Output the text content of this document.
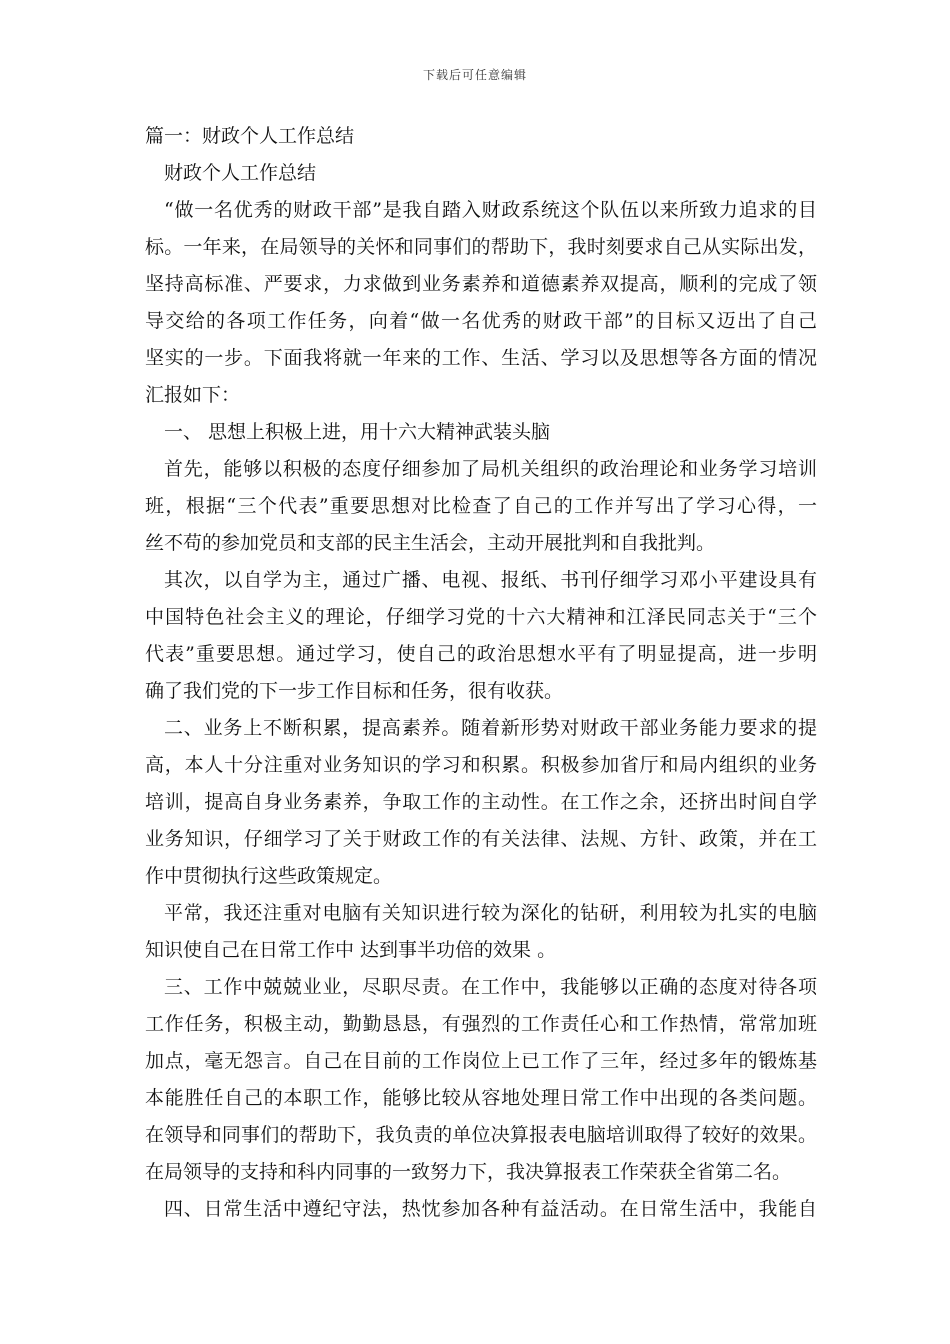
下载后可任意编辑
篇一：财政个人工作总结
财政个人工作总结
“做一名优秀的财政干部”是我自踏入财政系统这个队伍以来所致力追求的目
标。一年来，在局领导的关怀和同事们的帮助下，我时刻要求自己从实际出发，
坚持高标准、严要求，力求做到业务素养和道德素养双提高，顺利的完成了领
导交给的各项工作任务，向着“做一名优秀的财政干部”的目标又迈出了自己
坚实的一步。下面我将就一年来的工作、生活、学习以及思想等各方面的情况
汇报如下：
一、 思想上积极上进，用十六大精神武装头脑
首先，能够以积极的态度仔细参加了局机关组织的政治理论和业务学习培训
班，根据“三个代表”重要思想对比检查了自己的工作并写出了学习心得，一
丝不苟的参加党员和支部的民主生活会，主动开展批判和自我批判。
其次，以自学为主，通过广播、电视、报纸、书刊仔细学习邓小平建设具有
中国特色社会主义的理论，仔细学习党的十六大精神和江泽民同志关于“三个
代表”重要思想。通过学习，使自己的政治思想水平有了明显提高，进一步明
确了我们党的下一步工作目标和任务，很有收获。
二、业务上不断积累，提高素养。随着新形势对财政干部业务能力要求的提
高，本人十分注重对业务知识的学习和积累。积极参加省厅和局内组织的业务
培训，提高自身业务素养，争取工作的主动性。在工作之余，还挤出时间自学
业务知识，仔细学习了关于财政工作的有关法律、法规、方针、政策，并在工
作中贯彻执行这些政策规定。
平常，我还注重对电脑有关知识进行较为深化的钻研，利用较为扎实的电脑
知识使自己在日常工作中 达到事半功倍的效果 。
三、工作中兢兢业业，尽职尽责。在工作中，我能够以正确的态度对待各项
工作任务，积极主动，勤勤恳恳，有强烈的工作责任心和工作热情，常常加班
加点，毫无怨言。自己在目前的工作岗位上已工作了三年，经过多年的锻炼基
本能胜任自己的本职工作，能够比较从容地处理日常工作中出现的各类问题。
在领导和同事们的帮助下，我负责的单位决算报表电脑培训取得了较好的效果。
在局领导的支持和科内同事的一致努力下，我决算报表工作荣获全省第二名。
四、日常生活中遵纪守法，热忱参加各种有益活动。在日常生活中，我能自
